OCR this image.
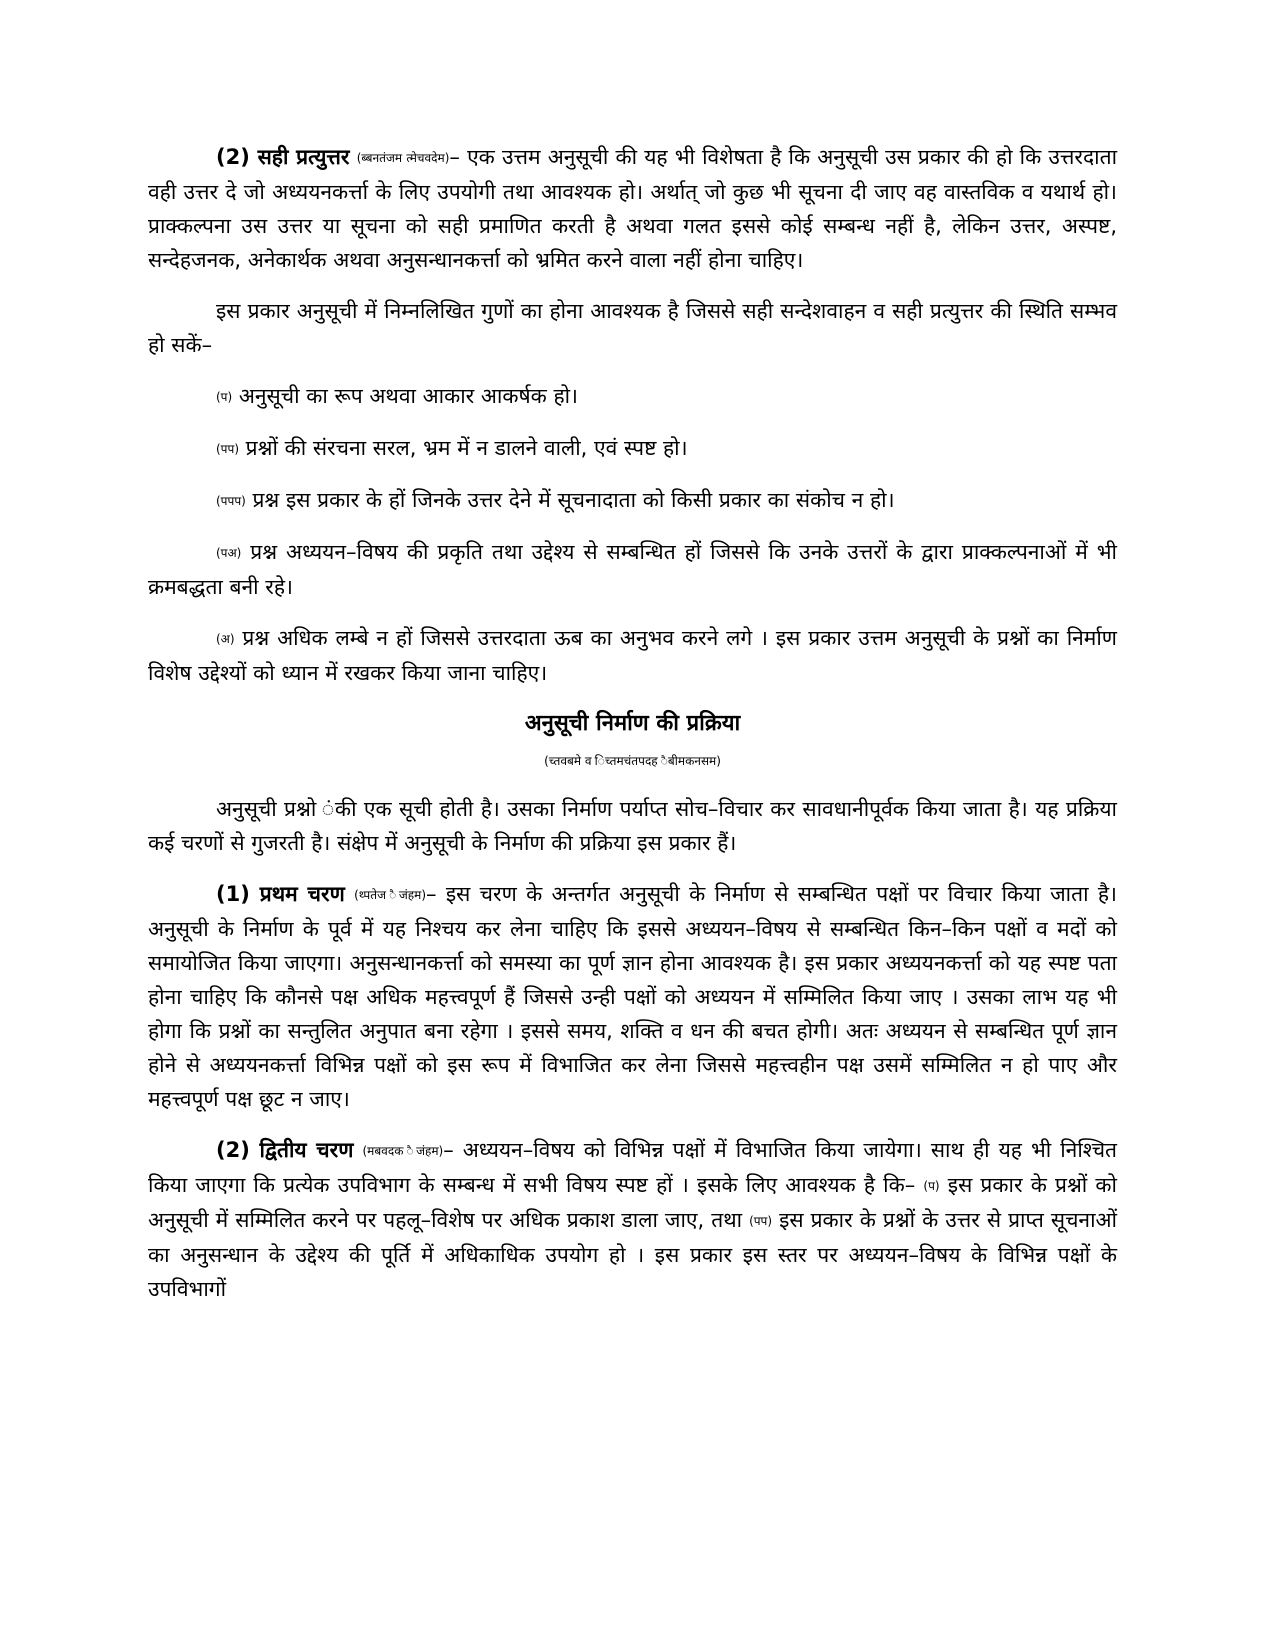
(2) सही प्रत्युत्तर (ब्बनतंजम त्मेचवदेम)– एक उत्तम अनुसूची की यह भी विशेषता है कि अनुसूची उस प्रकार की हो कि उत्तरदाता वही उत्तर दे जो अध्ययनकर्त्ता के लिए उपयोगी तथा आवश्यक हो। अर्थात् जो कुछ भी सूचना दी जाए वह वास्तविक व यथार्थ हो। प्राक्कल्पना उस उत्तर या सूचना को सही प्रमाणित करती है अथवा गलत इससे कोई सम्बन्ध नहीं है, लेकिन उत्तर, अस्पष्ट, सन्देहजनक, अनेकार्थक अथवा अनुसन्धानकर्त्ता को भ्रमित करने वाला नहीं होना चाहिए।

इस प्रकार अनुसूची में निम्नलिखित गुणों का होना आवश्यक है जिससे सही सन्देशवाहन व सही प्रत्युत्तर की स्थिति सम्भव हो सकें–

(प) अनुसूची का रूप अथवा आकार आकर्षक हो।

(पप) प्रश्नों की संरचना सरल, भ्रम में न डालने वाली, एवं स्पष्ट हो।

(पपप) प्रश्न इस प्रकार के हों जिनके उत्तर देने में सूचनादाता को किसी प्रकार का संकोच न हो।

(पअ) प्रश्न अध्ययन–विषय की प्रकृति तथा उद्देश्य से सम्बन्धित हों जिससे कि उनके उत्तरों के द्वारा प्राक्कल्पनाओं में भी क्रमबद्धता बनी रहे।

(अ) प्रश्न अधिक लम्बे न हों जिससे उत्तरदाता ऊब का अनुभव करने लगे । इस प्रकार उत्तम अनुसूची के प्रश्नों का निर्माण विशेष उद्देश्यों को ध्यान में रखकर किया जाना चाहिए।

अनुसूची निर्माण की प्रक्रिया
(च्तवबमे व िच्तमचंतपदह ैबीमकनसम)

अनुसूची प्रश्नो ंकी एक सूची होती है। उसका निर्माण पर्याप्त सोच–विचार कर सावधानीपूर्वक किया जाता है। यह प्रक्रिया कई चरणों से गुजरती है। संक्षेप में अनुसूची के निर्माण की प्रक्रिया इस प्रकार हैं।

(1) प्रथम चरण (थ्पतेज ैजंहम)– इस चरण के अन्तर्गत अनुसूची के निर्माण से सम्बन्धित पक्षों पर विचार किया जाता है। अनुसूची के निर्माण के पूर्व में यह निश्चय कर लेना चाहिए कि इससे अध्ययन–विषय से सम्बन्धित किन–किन पक्षों व मदों को समायोजित किया जाएगा। अनुसन्धानकर्त्ता को समस्या का पूर्ण ज्ञान होना आवश्यक है। इस प्रकार अध्ययनकर्त्ता को यह स्पष्ट पता होना चाहिए कि कौनसे पक्ष अधिक महत्त्वपूर्ण हैं जिससे उन्ही पक्षों को अध्ययन में सम्मिलित किया जाए । उसका लाभ यह भी होगा कि प्रश्नों का सन्तुलित अनुपात बना रहेगा । इससे समय, शक्ति व धन की बचत होगी। अतः अध्ययन से सम्बन्धित पूर्ण ज्ञान होने से अध्ययनकर्त्ता विभिन्न पक्षों को इस रूप में विभाजित कर लेना जिससे महत्त्वहीन पक्ष उसमें सम्मिलित न हो पाए और महत्त्वपूर्ण पक्ष छूट न जाए।

(2) द्वितीय चरण (मबवदक ैजंहम)– अध्ययन–विषय को विभिन्न पक्षों में विभाजित किया जायेगा। साथ ही यह भी निश्चित किया जाएगा कि प्रत्येक उपविभाग के सम्बन्ध में सभी विषय स्पष्ट हों । इसके लिए आवश्यक है कि– (प) इस प्रकार के प्रश्नों को अनुसूची में सम्मिलित करने पर पहलू–विशेष पर अधिक प्रकाश डाला जाए, तथा (पप) इस प्रकार के प्रश्नों के उत्तर से प्राप्त सूचनाओं का अनुसन्धान के उद्देश्य की पूर्ति में अधिकाधिक उपयोग हो । इस प्रकार इस स्तर पर अध्ययन–विषय के विभिन्न पक्षों के उपविभागों
